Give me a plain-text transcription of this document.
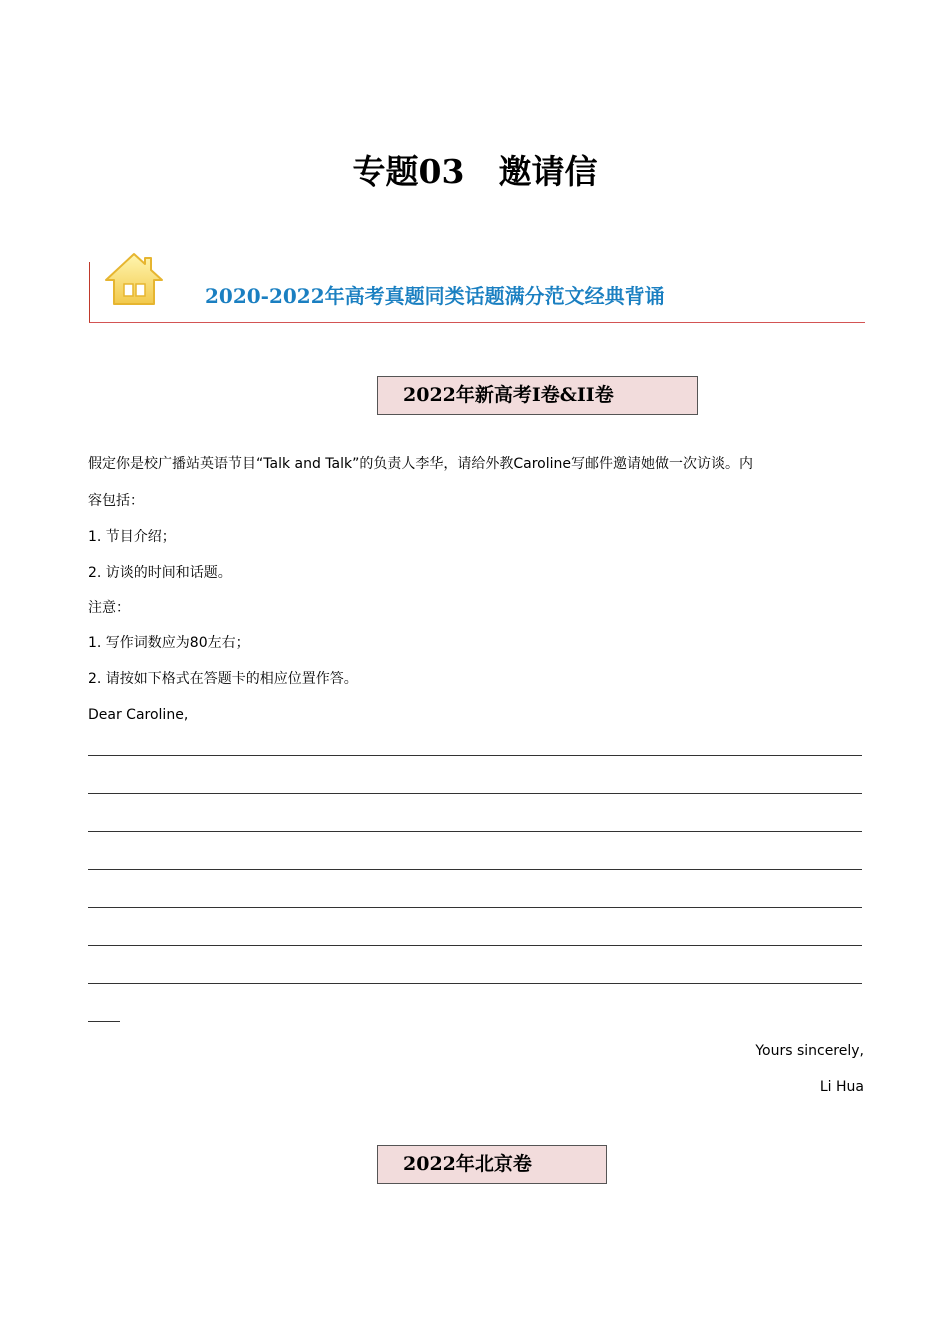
专题03 邀请信
2020-2022年高考真题同类话题满分范文经典背诵
2022年新高考I卷&II卷
假定你是校广播站英语节目“Talk and Talk”的负责人李华，请给外教Caroline写邮件邀请她做一次访谈。内
容包括：
1. 节目介绍；
2. 访谈的时间和话题。
注意：
1. 写作词数应为80左右；
2. 请按如下格式在答题卡的相应位置作答。
Dear Caroline,
Yours sincerely,
Li Hua
2022年北京卷
